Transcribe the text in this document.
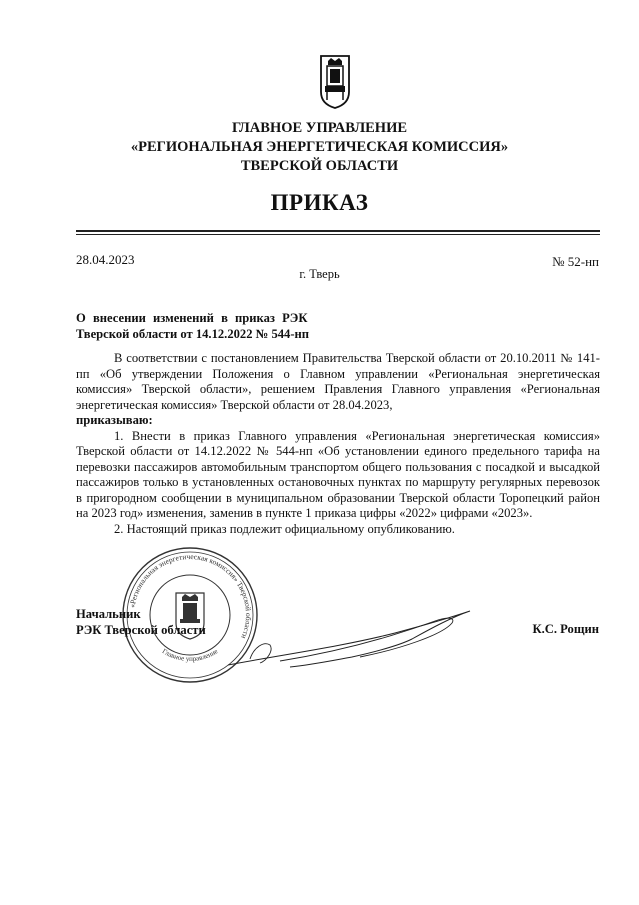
ГЛАВНОЕ УПРАВЛЕНИЕ
«РЕГИОНАЛЬНАЯ ЭНЕРГЕТИЧЕСКАЯ КОМИССИЯ»
ТВЕРСКОЙ ОБЛАСТИ
ПРИКАЗ
28.04.2023	№ 52-нп
г. Тверь
О внесении изменений в приказ РЭК
Тверской области от 14.12.2022 № 544-нп

В соответствии с постановлением Правительства Тверской области от 20.10.2011 № 141-пп «Об утверждении Положения о Главном управлении «Региональная энергетическая комиссия» Тверской области», решением Правления Главного управления «Региональная энергетическая комиссия» Тверской области от 28.04.2023,

приказываю:

1. Внести в приказ Главного управления «Региональная энергетическая комиссия» Тверской области от 14.12.2022 № 544-нп «Об установлении единого предельного тарифа на перевозки пассажиров автомобильным транспортом общего пользования с посадкой и высадкой пассажиров только в установленных остановочных пунктах по маршруту регулярных перевозок в пригородном сообщении в муниципальном образовании Тверской области Торопецкий район на 2023 год» изменения, заменив в пункте 1 приказа цифры «2022» цифрами «2023».

2. Настоящий приказ подлежит официальному опубликованию.

«Региональная энергетическая комиссия» Тверской области
Главное управление
Начальник
РЭК Тверской области	К.С. Рощин
